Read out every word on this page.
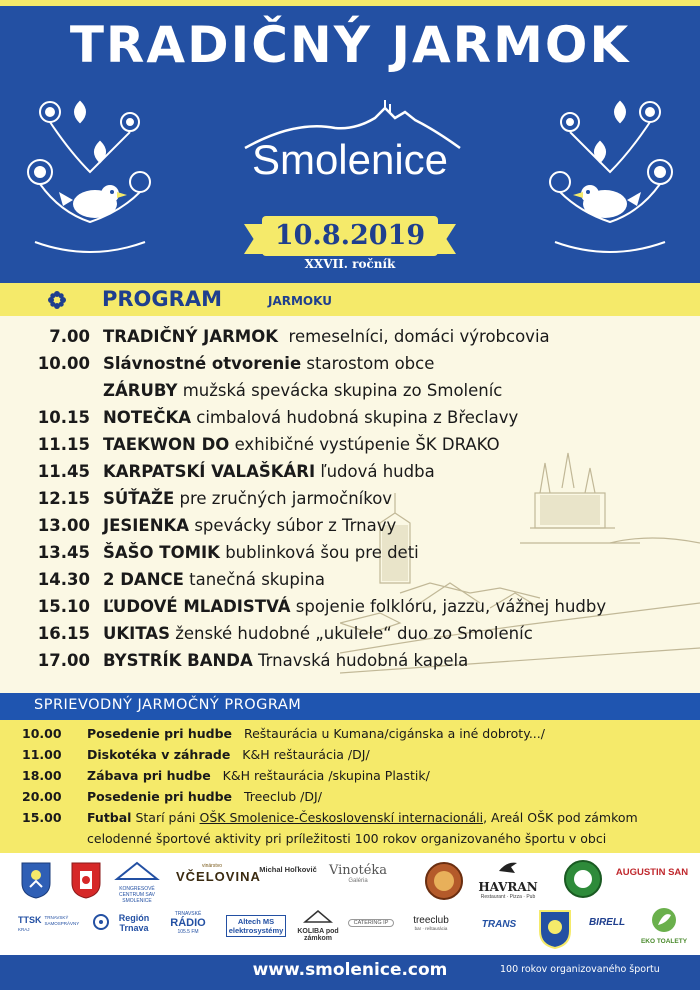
TRADIČNÝ JARMOK
Smolenice
10.8.2019
XXVII. ročník
PROGRAM	JARMOKU
7.00 TRADIČNÝ JARMOK remeselníci, domáci výrobcovia
10.00 Slávnostné otvorenie starostom obce
ZÁRUBY mužská spevácka skupina zo Smoleníc
10.15 NOTEČKA cimbalová hudobná skupina z Břeclavy
11.15 TAEKWON DO exhibičné vystúpenie ŠK DRAKO
11.45 KARPATSKÍ VALAŠKÁRI ľudová hudba
12.15 SÚŤAŽE pre zručných jarmočníkov
13.00 JESIENKA spevácky súbor z Trnavy
13.45 ŠAŠO TOMIK bublinková šou pre deti
14.30 2 DANCE tanečná skupina
15.10 ĽUDOVÉ MLADISTVÁ spojenie folklóru, jazzu, vážnej hudby
16.15 UKITAS ženské hudobné „ukulele“ duo zo Smoleníc
17.00 BYSTRÍK BANDA Trnavská hudobná kapela
SPRIEVODNÝ JARMOČNÝ PROGRAM
10.00 Posedenie pri hudbe Reštaurácia u Kumana/cigánska a iné dobroty.../
11.00 Diskotéka v záhrade K&H reštaurácia /DJ/
18.00 Zábava pri hudbe K&H reštaurácia /skupina Plastik/
20.00 Posedenie pri hudbe Treeclub /DJ/
15.00 Futbal Starí páni OŠK Smolenice-Československí internacionáli, Areál OŠK pod zámkom
celodenné športové aktivity pri príležitosti 100 rokov organizovaného športu v obci
KONGRESOVÉ CENTRUM SAV
SMOLENICE
vinárstvo
VČELOVINA
Michal Hoľkovič Vinotéka
Galéria	HAVRAN
Restaurant · Pizza · Pub
AUGUSTIN SAN
TTSK TRNAVSKÝ SAMOSPRÁVNY KRAJ
Región Trnava
TRNAVSKÉ
RÁDIO
105.5 FM
Altech MS elektrosystémy	KOLIBA pod zámkom
CATERING IP	treeclub
bar · reštaurácia	TRANS	BIRELL
EKO TOALETY
www.smolenice.com	100 rokov organizovaného športu
